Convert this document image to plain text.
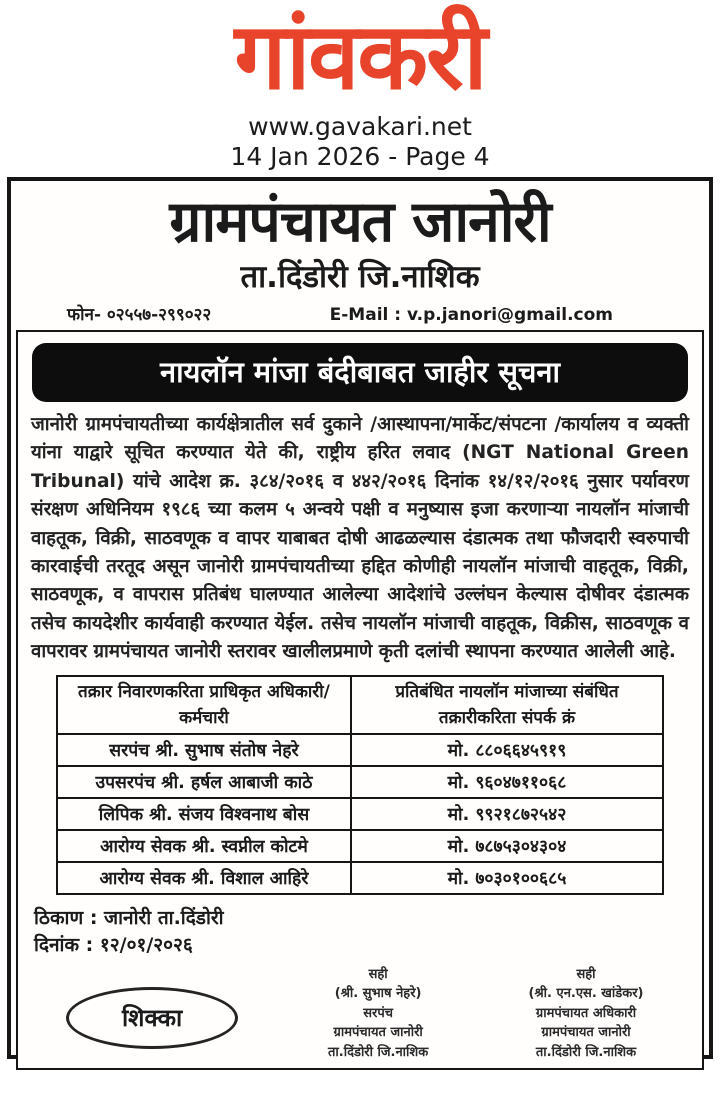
गांवकरी
www.gavakari.net
14 Jan 2026 - Page 4
ग्रामपंचायत जानोरी
ता.दिंडोरी जि.नाशिक
फोन- ०२५५७-२९९०२२	E-Mail : v.p.janori@gmail.com
नायलॉन मांजा बंदीबाबत जाहीर सूचना

जानोरी ग्रामपंचायतीच्या कार्यक्षेत्रातील सर्व दुकाने /आस्थापना/मार्केट/संपटना /कार्यालय व व्यक्ती यांना याद्वारे सूचित करण्यात येते की, राष्ट्रीय हरित लवाद (NGT National Green Tribunal) यांचे आदेश क्र. ३८४/२०१६ व ४४२/२०१६ दिनांक १४/१२/२०१६ नुसार पर्यावरण संरक्षण अधिनियम १९८६ च्या कलम ५ अन्वये पक्षी व मनुष्यास इजा करणाऱ्या नायलॉन मांजाची वाहतूक, विक्री, साठवणूक व वापर याबाबत दोषी आढळल्यास दंडात्मक तथा फौजदारी स्वरुपाची कारवाईची तरतूद असून जानोरी ग्रामपंचायतीच्या हद्दित कोणीही नायलॉन मांजाची वाहतूक, विक्री, साठवणूक, व वापरास प्रतिबंध घालण्यात आलेल्या आदेशांचे उल्लंघन केल्यास दोषीवर दंडात्मक तसेच कायदेशीर कार्यवाही करण्यात येईल. तसेच नायलॉन मांजाची वाहतूक, विक्रीस, साठवणूक व वापरावर ग्रामपंचायत जानोरी स्तरावर खालीलप्रमाणे कृती दलांची स्थापना करण्यात आलेली आहे.

तक्रार निवारणकरिता प्राधिकृत अधिकारी/कर्मचारी	प्रतिबंधित नायलॉन मांजाच्या संबंधित तक्रारीकरिता संपर्क क्रं
सरपंच श्री. सुभाष संतोष नेहरे	मो. ८८०६६४५९१९
उपसरपंच श्री. हर्षल आबाजी काठे	मो. ९६०४७११०६८
लिपिक श्री. संजय विश्वनाथ बोस	मो. ९९२१८७२५४२
आरोग्य सेवक श्री. स्वप्नील कोटमे	मो. ७८७५३०४३०४
आरोग्य सेवक श्री. विशाल आहिरे	मो. ७०३०१००६८५
ठिकाण : जानोरी ता.दिंडोरी
दिनांक : १२/०१/२०२६
शिक्का
सही
(श्री. सुभाष नेहरे)
सरपंच
ग्रामपंचायत जानोरी
ता.दिंडोरी जि.नाशिक
सही
(श्री. एन.एस. खांडेकर)
ग्रामपंचायत अधिकारी
ग्रामपंचायत जानोरी
ता.दिंडोरी जि.नाशिक
